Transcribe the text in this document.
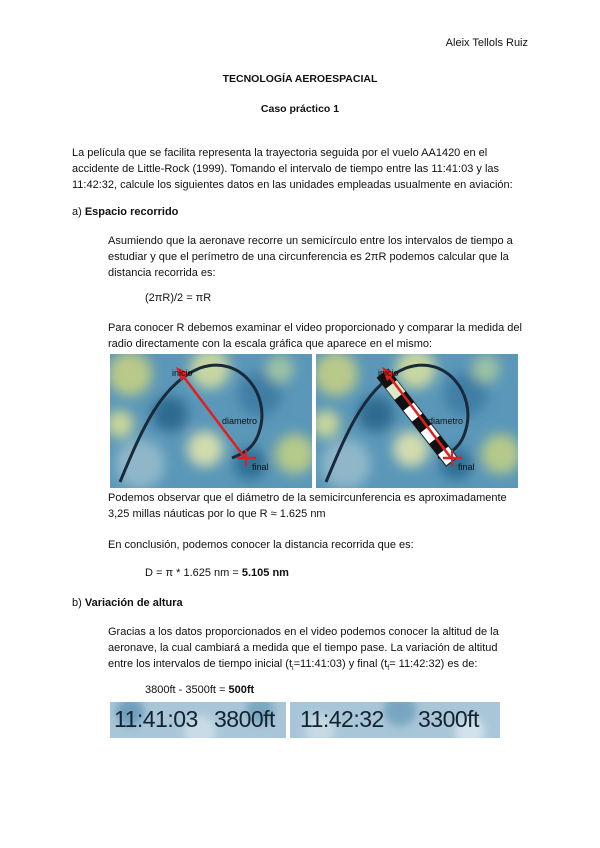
Aleix Tellols Ruiz
TECNOLOGÍA AEROESPACIAL
Caso práctico 1
La película que se facilita representa la trayectoria seguida por el vuelo AA1420 en el
accidente de Little-Rock (1999). Tomando el intervalo de tiempo entre las 11:41:03 y las
11:42:32, calcule los siguientes datos en las unidades empleadas usualmente en aviación:
a) Espacio recorrido
Asumiendo que la aeronave recorre un semicírculo entre los intervalos de tiempo a
estudiar y que el perímetro de una circunferencia es 2πR podemos calcular que la
distancia recorrida es:
(2πR)/2 = πR
Para conocer R debemos examinar el video proporcionado y comparar la medida del
radio directamente con la escala gráfica que aparece en el mismo:
inicio
diametro
final
inicio
diametro
final
Podemos observar que el diámetro de la semicircunferencia es aproximadamente
3,25 millas náuticas por lo que R ≈ 1.625 nm
En conclusión, podemos conocer la distancia recorrida que es:
D = π * 1.625 nm = 5.105 nm
b) Variación de altura
Gracias a los datos proporcionados en el video podemos conocer la altitud de la
aeronave, la cual cambiará a medida que el tiempo pase. La variación de altitud
entre los intervalos de tiempo inicial $(t_i=11:41:03)$ y final ($t_f=$ 11:42:32) es de:
3800ft - 3500ft = 500ft
11:41:03 3800ft 11:42:32 3300ft
